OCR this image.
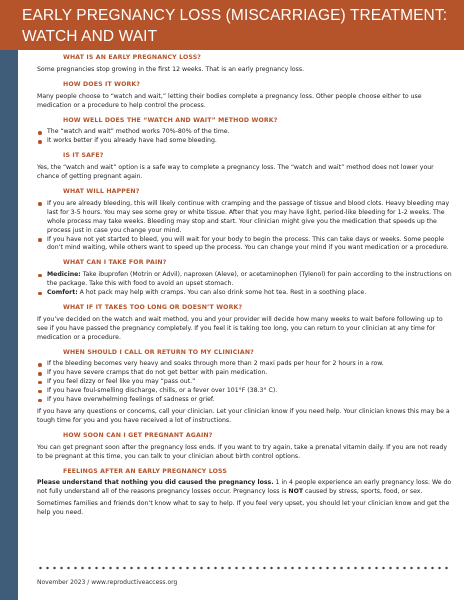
EARLY PREGNANCY LOSS (MISCARRIAGE) TREATMENT:
WATCH AND WAIT
WHAT IS AN EARLY PREGNANCY LOSS?

Some pregnancies stop growing in the first 12 weeks. That is an early pregnancy loss.

HOW DOES IT WORK?

Many people choose to “watch and wait,” letting their bodies complete a pregnancy loss. Other people choose either to use medication or a procedure to help control the process.

HOW WELL DOES THE “WATCH AND WAIT” METHOD WORK?
The “watch and wait” method works 70%-80% of the time.
It works better if you already have had some bleeding.
IS IT SAFE?

Yes, the “watch and wait” option is a safe way to complete a pregnancy loss. The “watch and wait” method does not lower your chance of getting pregnant again.

WHAT WILL HAPPEN?
If you are already bleeding, this will likely continue with cramping and the passage of tissue and blood clots. Heavy bleeding may last for 3-5 hours. You may see some grey or white tissue. After that you may have light, period-like bleeding for 1-2 weeks. The whole process may take weeks. Bleeding may stop and start. Your clinician might give you the medication that speeds up the process just in case you change your mind.
If you have not yet started to bleed, you will wait for your body to begin the process. This can take days or weeks. Some people don’t mind waiting, while others want to speed up the process. You can change your mind if you want medication or a procedure.
WHAT CAN I TAKE FOR PAIN?
Medicine: Take ibuprofen (Motrin or Advil), naproxen (Aleve), or acetaminophen (Tylenol) for pain according to the instructions on the package. Take this with food to avoid an upset stomach.
Comfort: A hot pack may help with cramps. You can also drink some hot tea. Rest in a soothing place.
WHAT IF IT TAKES TOO LONG OR DOESN’T WORK?

If you’ve decided on the watch and wait method, you and your provider will decide how many weeks to wait before following up to see if you have passed the pregnancy completely. If you feel it is taking too long, you can return to your clinician at any time for medication or a procedure.

WHEN SHOULD I CALL OR RETURN TO MY CLINICIAN?
If the bleeding becomes very heavy and soaks through more than 2 maxi pads per hour for 2 hours in a row.
If you have severe cramps that do not get better with pain medication.
If you feel dizzy or feel like you may “pass out.”
If you have foul-smelling discharge, chills, or a fever over 101°F (38.3° C).
If you have overwhelming feelings of sadness or grief.

If you have any questions or concerns, call your clinician. Let your clinician know if you need help. Your clinician knows this may be a tough time for you and you have received a lot of instructions.

HOW SOON CAN I GET PREGNANT AGAIN?

You can get pregnant soon after the pregnancy loss ends. If you want to try again, take a prenatal vitamin daily. If you are not ready to be pregnant at this time, you can talk to your clinician about birth control options.

FEELINGS AFTER AN EARLY PREGNANCY LOSS

Please understand that nothing you did caused the pregnancy loss. 1 in 4 people experience an early pregnancy loss. We do not fully understand all of the reasons pregnancy losses occur. Pregnancy loss is NOT caused by stress, sports, food, or sex.

Sometimes families and friends don’t know what to say to help. If you feel very upset, you should let your clinician know and get the help you need.

November 2023 / www.reproductiveaccess.org
